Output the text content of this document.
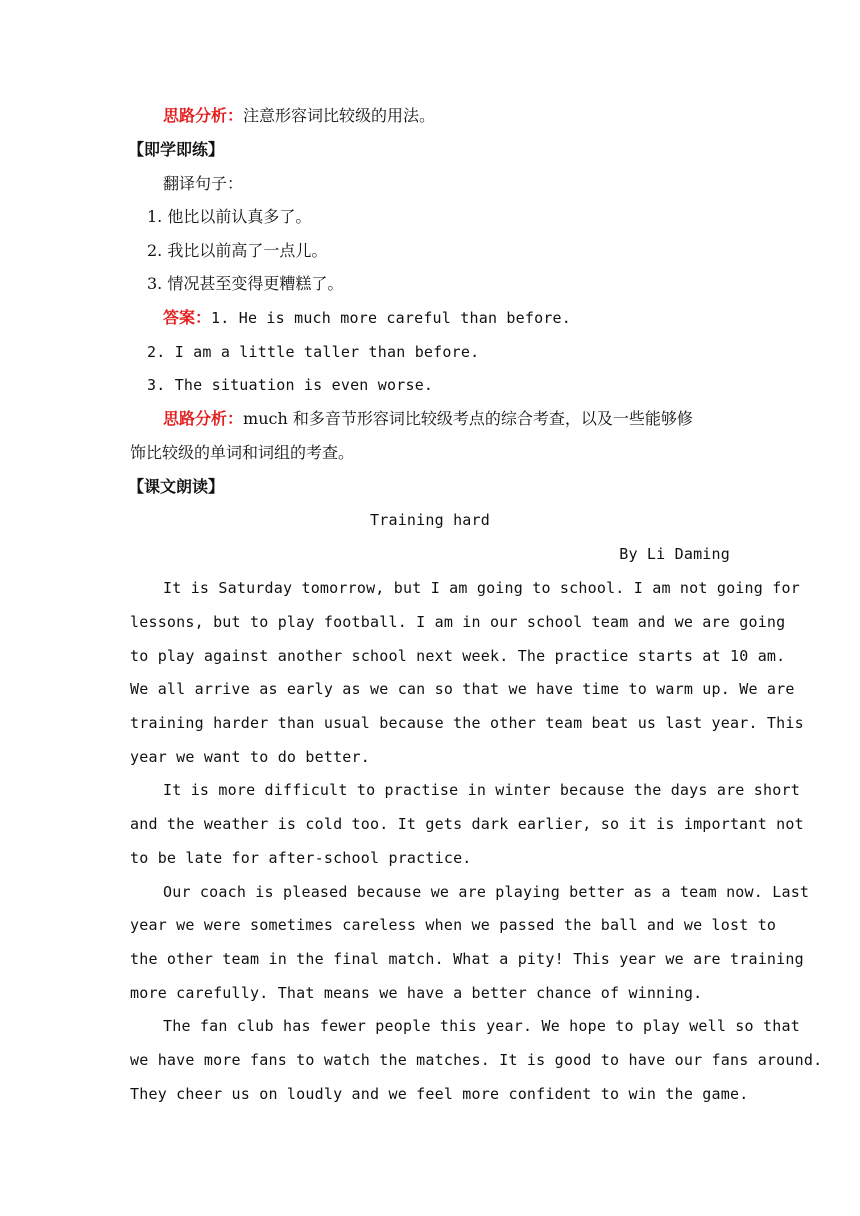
思路分析：注意形容词比较级的用法。
【即学即练】
翻译句子：
1. 他比以前认真多了。
2. 我比以前高了一点儿。
3. 情况甚至变得更糟糕了。
答案：1. He is much more careful than before.
2. I am a little taller than before.
3. The situation is even worse.
思路分析：much 和多音节形容词比较级考点的综合考查，以及一些能够修
饰比较级的单词和词组的考查。
【课文朗读】
Training hard
By Li Daming
It is Saturday tomorrow, but I am going to school. I am not going for
lessons, but to play football. I am in our school team and we are going
to play against another school next week. The practice starts at 10 am.
We all arrive as early as we can so that we have time to warm up. We are
training harder than usual because the other team beat us last year. This
year we want to do better.
It is more difficult to practise in winter because the days are short
and the weather is cold too. It gets dark earlier, so it is important not
to be late for after-school practice.
Our coach is pleased because we are playing better as a team now. Last
year we were sometimes careless when we passed the ball and we lost to
the other team in the final match. What a pity! This year we are training
more carefully. That means we have a better chance of winning.
The fan club has fewer people this year. We hope to play well so that
we have more fans to watch the matches. It is good to have our fans around.
They cheer us on loudly and we feel more confident to win the game.
